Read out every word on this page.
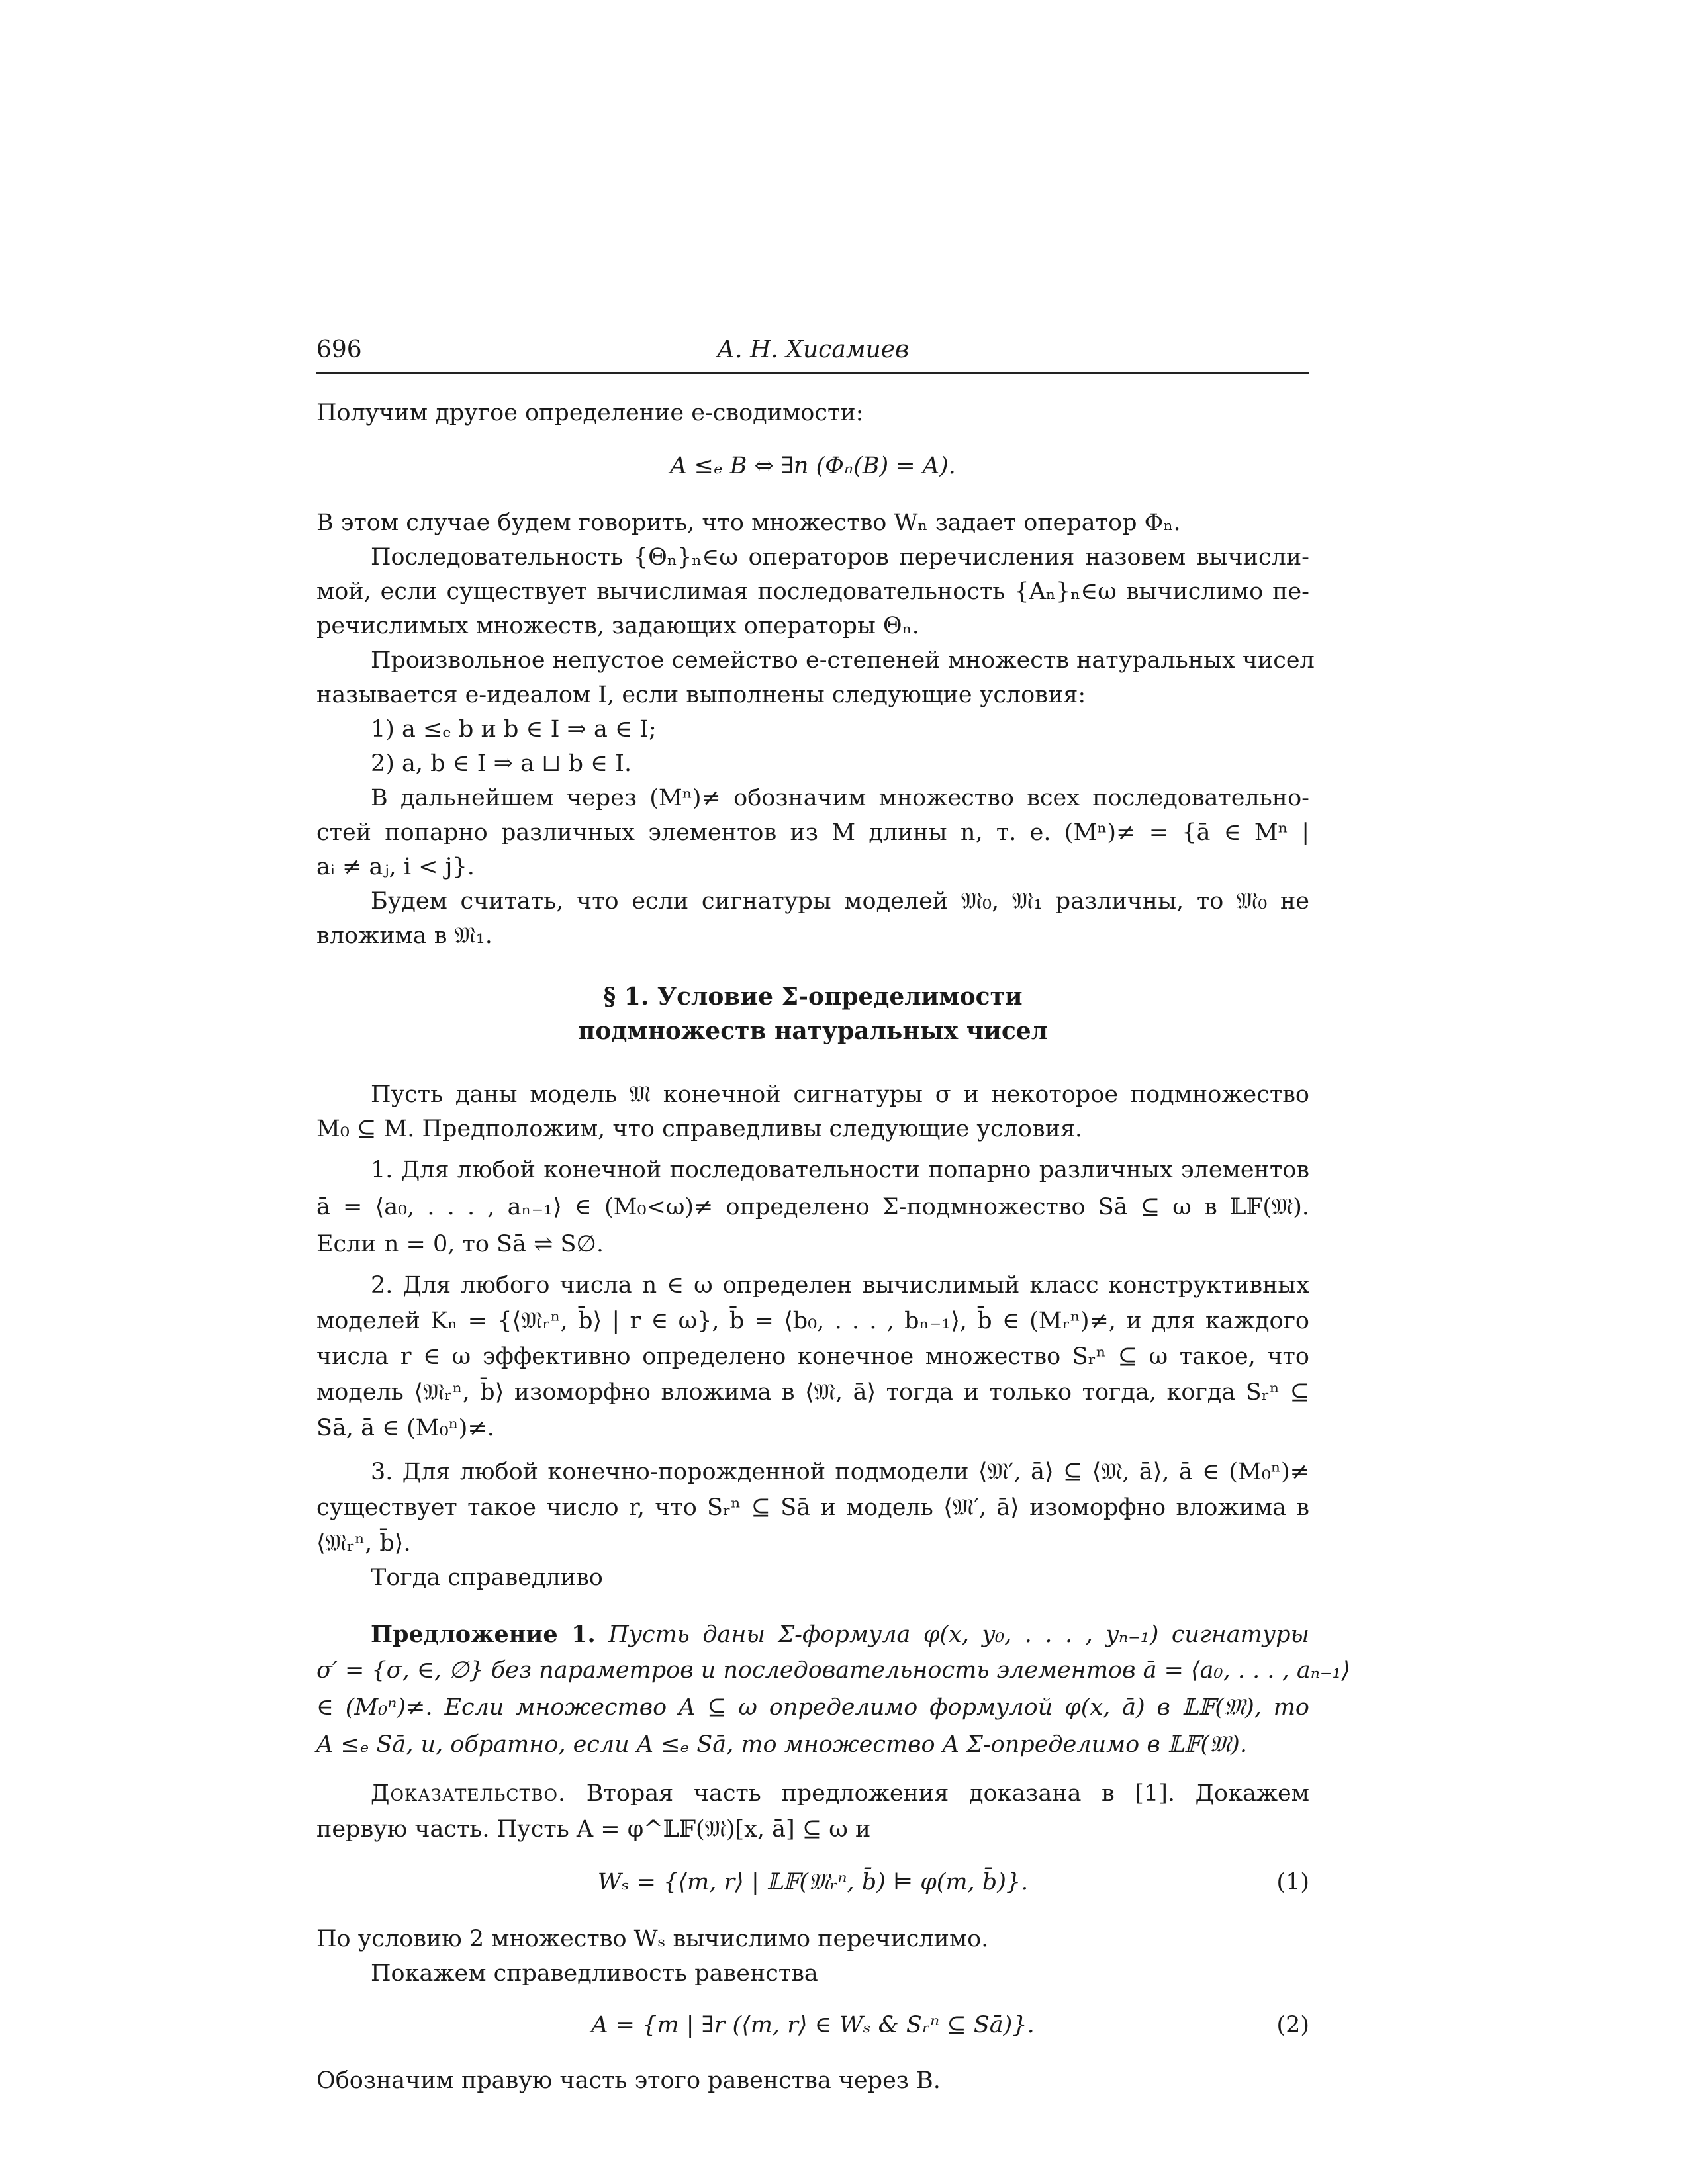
696	А. Н. Хисамиев
Получим другое определение e-сводимости:
A ≤ₑ B ⇔ ∃n (Φₙ(B) = A).
В этом случае будем говорить, что множество Wₙ задает оператор Φₙ.
Последовательность {Θₙ}ₙ∈ω операторов перечисления назовем вычисли-
мой, если существует вычислимая последовательность {Aₙ}ₙ∈ω вычислимо пе-
речислимых множеств, задающих операторы Θₙ.
Произвольное непустое семейство e-степеней множеств натуральных чисел
называется e-идеалом I, если выполнены следующие условия:
1) a ≤ₑ b и b ∈ I ⇒ a ∈ I;
2) a, b ∈ I ⇒ a ⊔ b ∈ I.
В дальнейшем через (Mⁿ)≠ обозначим множество всех последовательно-
стей попарно различных элементов из M длины n, т. е. (Mⁿ)≠ = {ā ∈ Mⁿ |
aᵢ ≠ aⱼ, i < j}.
Будем считать, что если сигнатуры моделей 𝔐₀, 𝔐₁ различны, то 𝔐₀ не
вложима в 𝔐₁.
§ 1. Условие Σ-определимости
подмножеств натуральных чисел
Пусть даны модель 𝔐 конечной сигнатуры σ и некоторое подмножество
M₀ ⊆ M. Предположим, что справедливы следующие условия.
1. Для любой конечной последовательности попарно различных элементов
ā = ⟨a₀, . . . , aₙ₋₁⟩ ∈ (M₀<ω)≠ определено Σ-подмножество Sā ⊆ ω в 𝕃𝔽(𝔐).
Если n = 0, то Sā ⇌ S∅.
2. Для любого числа n ∈ ω определен вычислимый класс конструктивных
моделей Kₙ = {⟨𝔐ᵣⁿ, b̄⟩ | r ∈ ω}, b̄ = ⟨b₀, . . . , bₙ₋₁⟩, b̄ ∈ (Mᵣⁿ)≠, и для каждого
числа r ∈ ω эффективно определено конечное множество Sᵣⁿ ⊆ ω такое, что
модель ⟨𝔐ᵣⁿ, b̄⟩ изоморфно вложима в ⟨𝔐, ā⟩ тогда и только тогда, когда Sᵣⁿ ⊆
Sā, ā ∈ (M₀ⁿ)≠.
3. Для любой конечно-порожденной подмодели ⟨𝔐′, ā⟩ ⊆ ⟨𝔐, ā⟩, ā ∈ (M₀ⁿ)≠
существует такое число r, что Sᵣⁿ ⊆ Sā и модель ⟨𝔐′, ā⟩ изоморфно вложима в
⟨𝔐ᵣⁿ, b̄⟩.
Тогда справедливо
Предложение 1. Пусть даны Σ-формула φ(x, y₀, . . . , yₙ₋₁) сигнатуры
σ′ = {σ, ∈, ∅} без параметров и последовательность элементов ā = ⟨a₀, . . . , aₙ₋₁⟩
∈ (M₀ⁿ)≠. Если множество A ⊆ ω определимо формулой φ(x, ā) в 𝕃𝔽(𝔐), то
A ≤ₑ Sā, и, обратно, если A ≤ₑ Sā, то множество A Σ-определимо в 𝕃𝔽(𝔐).
Доказательство. Вторая часть предложения доказана в [1]. Докажем
первую часть. Пусть A = φ^𝕃𝔽(𝔐)[x, ā] ⊆ ω и
Wₛ = {⟨m, r⟩ | 𝕃𝔽(𝔐ᵣⁿ, b̄) ⊨ φ(m, b̄)}.	(1)
По условию 2 множество Wₛ вычислимо перечислимо.
Покажем справедливость равенства
A = {m | ∃r (⟨m, r⟩ ∈ Wₛ & Sᵣⁿ ⊆ Sā)}.	(2)
Обозначим правую часть этого равенства через B.
